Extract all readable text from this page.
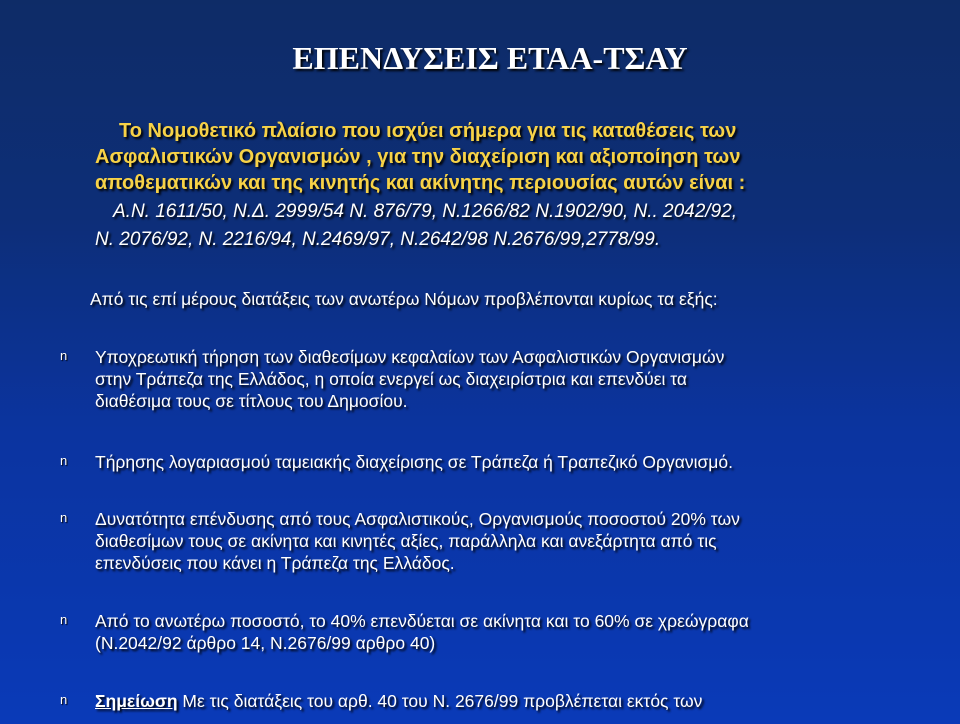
ΕΠΕΝΔΥΣΕΙΣ ΕΤΑΑ-ΤΣΑΥ
Το Νομοθετικό πλαίσιο που ισχύει σήμερα για τις καταθέσεις των
Ασφαλιστικών Οργανισμών , για την διαχείριση και αξιοποίηση των
αποθεματικών και της κινητής και ακίνητης περιουσίας αυτών είναι :
Α.Ν. 1611/50, Ν.Δ. 2999/54 Ν. 876/79, Ν.1266/82 Ν.1902/90, Ν.. 2042/92,
Ν. 2076/92, Ν. 2216/94, Ν.2469/97, Ν.2642/98 Ν.2676/99,2778/99.
Από τις επί μέρους διατάξεις των ανωτέρω Νόμων προβλέπονται κυρίως τα εξής:
n Υποχρεωτική τήρηση των διαθεσίμων κεφαλαίων των Ασφαλιστικών Οργανισμών
στην Τράπεζα της Ελλάδος, η οποία ενεργεί ως διαχειρίστρια και επενδύει τα
διαθέσιμα τους σε τίτλους του Δημοσίου.
n Τήρησης λογαριασμού ταμειακής διαχείρισης σε Τράπεζα ή Τραπεζικό Οργανισμό.
n Δυνατότητα επένδυσης από τους Ασφαλιστικούς, Οργανισμούς ποσοστού 20% των
διαθεσίμων τους σε ακίνητα και κινητές αξίες, παράλληλα και ανεξάρτητα από τις
επενδύσεις που κάνει η Τράπεζα της Ελλάδος.
n Από το ανωτέρω ποσοστό, το 40% επενδύεται σε ακίνητα και το 60% σε χρεώγραφα
(Ν.2042/92 άρθρο 14, Ν.2676/99 αρθρο 40)
n Σημείωση Με τις διατάξεις του αρθ. 40 του Ν. 2676/99 προβλέπεται εκτός των
